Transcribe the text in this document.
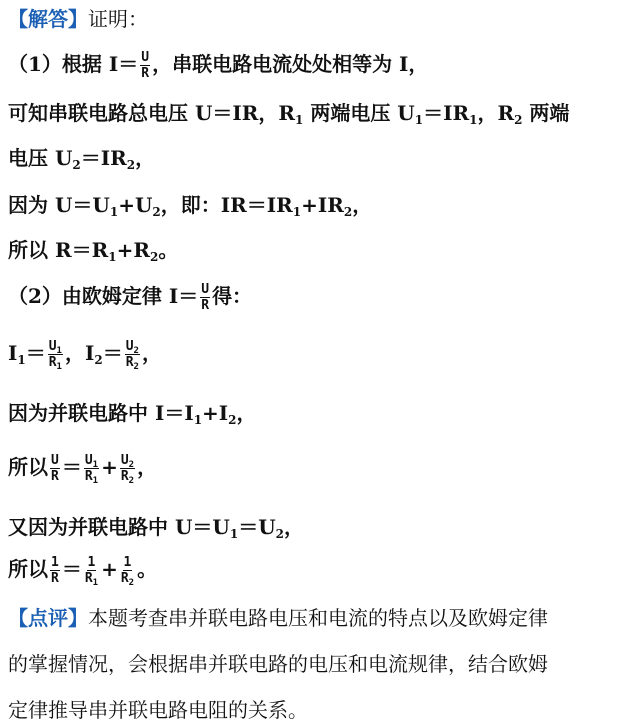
【解答】证明：
（1）根据 $I= \frac{U}{R}$ ，串联电路电流处处相等为 I，
可知串联电路总电压 U＝IR，$R_1$ 两端电压 $U_1=IR_1$，$R_2$ 两端
电压 $U_2=IR_2$，
因为 $U=U_1+U_2$，即：$IR=IR_1+IR_2$，
所以 $R=R_1+R_2$。
（2）由欧姆定律 $I= \frac{U}{R}$ 得：
$I_1= \frac{U_1}{R_1}$ ，$I_2= \frac{U_2}{R_2}$ ，
因为并联电路中 $I=I_1+I_2$，
所以 $\frac{U}{R} = \frac{U_1}{R_1} + \frac{U_2}{R_2}$ ，
又因为并联电路中 $U=U_1=U_2$，
所以 $\frac{1}{R} = \frac{1}{R_1} + \frac{1}{R_2}$ 。
【点评】本题考查串并联电路电压和电流的特点以及欧姆定律
的掌握情况，会根据串并联电路的电压和电流规律，结合欧姆
定律推导串并联电路电阻的关系。
